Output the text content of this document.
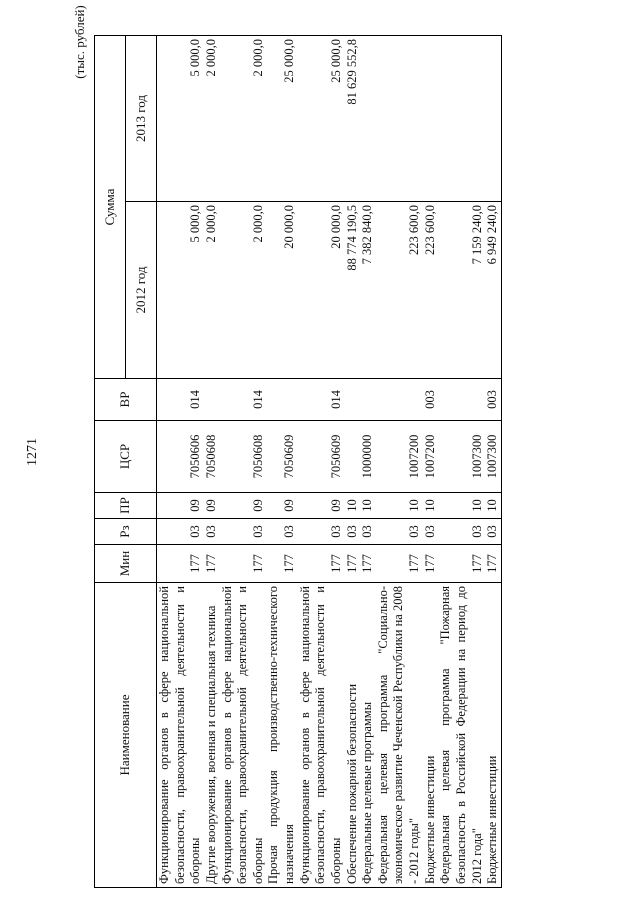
1271
(тыс. рублей)
Наименование	Мин	Рз	ПР	ЦСР	ВР	Сумма	
						2012 год	2013 год
Функционирование органов в сфере национальной безопасности, правоохранительной деятельности и обороны	177	03	09	7050606	014	5 000,0	5 000,0
Другие вооружения, военная и специальная техника	177	03	09	7050608		2 000,0	2 000,0
Функционирование органов в сфере национальной безопасности, правоохранительной деятельности и обороны	177	03	09	7050608	014	2 000,0	2 000,0
Прочая продукция производственно-технического назначения	177	03	09	7050609		20 000,0	25 000,0
Функционирование органов в сфере национальной безопасности, правоохранительной деятельности и обороны	177	03	09	7050609	014	20 000,0	25 000,0
Обеспечение пожарной безопасности	177	03	10			88 774 190,5	81 629 552,8
Федеральные целевые программы	177	03	10	1000000		7 382 840,0	
Федеральная целевая программа "Социально-экономическое развитие Чеченской Республики на 2008 - 2012 годы"	177	03	10	1007200		223 600,0	
Бюджетные инвестиции	177	03	10	1007200	003	223 600,0	
Федеральная целевая программа "Пожарная безопасность в Российской Федерации на период до 2012 года"	177	03	10	1007300		7 159 240,0	
Бюджетные инвестиции	177	03	10	1007300	003	6 949 240,0	
